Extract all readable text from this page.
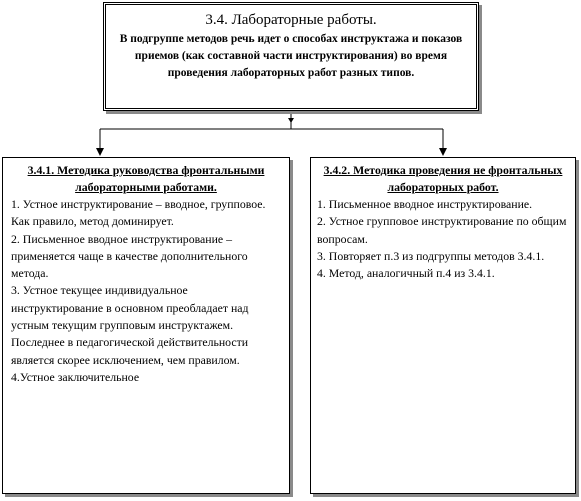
3.4. Лабораторные работы.
В подгруппе методов речь идет о способах инструктажа и показов приемов (как составной части инструктирования) во время проведения лабораторных работ разных типов.
3.4.1. Методика руководства фронтальными лабораторными работами.

1. Устное инструктирование – вводное, групповое. Как правило, метод доминирует.

2. Письменное вводное инструктирование – применяется чаще в качестве дополнительного метода.

3. Устное текущее индивидуальное инструктирование в основном преобладает над устным текущим групповым инструктажем. Последнее в педагогической действительности является скорее исключением, чем правилом.

4.Устное заключительное

3.4.2. Методика проведения не фронтальных лабораторных работ.

1. Письменное вводное инструктирование.

2. Устное групповое инструктирование по общим вопросам.

3. Повторяет п.3 из подгруппы методов 3.4.1.

4. Метод, аналогичный п.4 из 3.4.1.
